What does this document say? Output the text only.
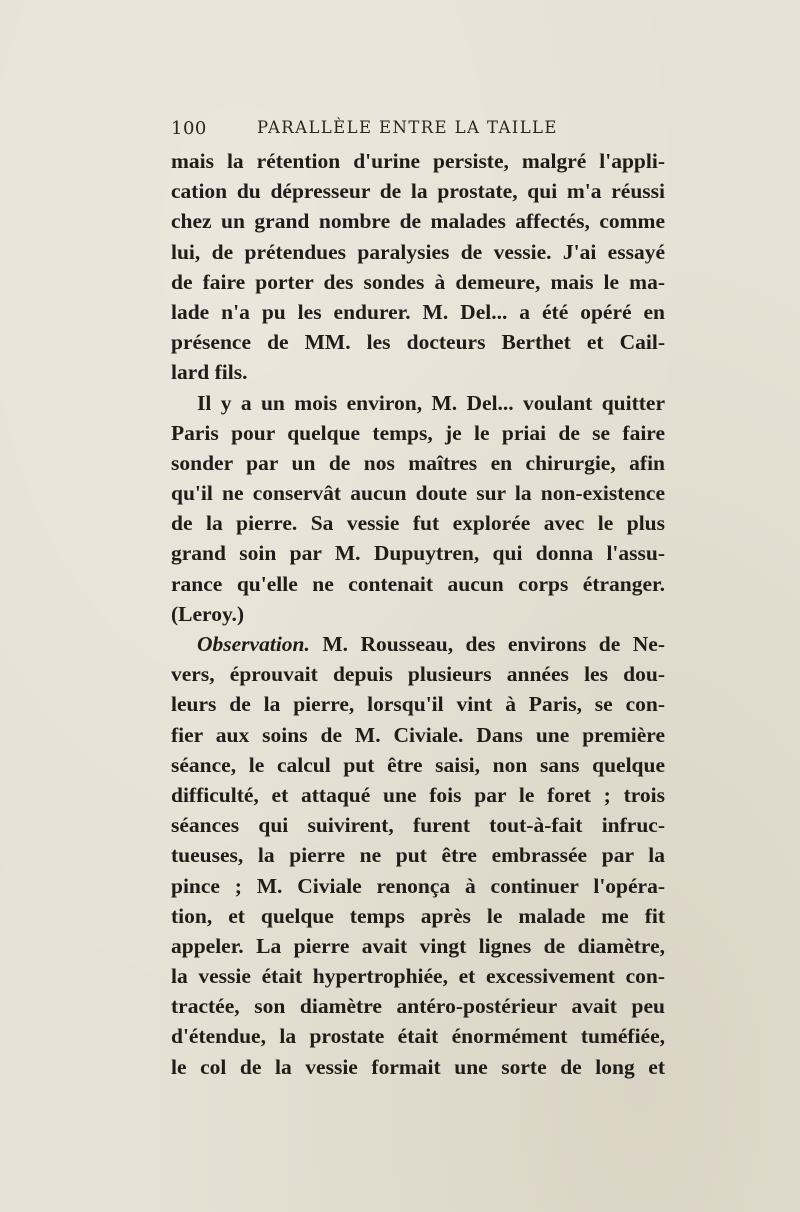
100	PARALLÈLE ENTRE LA TAILLE
mais la rétention d'urine persiste, malgré l'appli-
cation du dépresseur de la prostate, qui m'a réussi
chez un grand nombre de malades affectés, comme
lui, de prétendues paralysies de vessie. J'ai essayé
de faire porter des sondes à demeure, mais le ma-
lade n'a pu les endurer. M. Del... a été opéré en
présence de MM. les docteurs Berthet et Cail-
lard fils.
Il y a un mois environ, M. Del... voulant quitter
Paris pour quelque temps, je le priai de se faire
sonder par un de nos maîtres en chirurgie, afin
qu'il ne conservât aucun doute sur la non-existence
de la pierre. Sa vessie fut explorée avec le plus
grand soin par M. Dupuytren, qui donna l'assu-
rance qu'elle ne contenait aucun corps étranger.
(Leroy.)
Observation. M. Rousseau, des environs de Ne-
vers, éprouvait depuis plusieurs années les dou-
leurs de la pierre, lorsqu'il vint à Paris, se con-
fier aux soins de M. Civiale. Dans une première
séance, le calcul put être saisi, non sans quelque
difficulté, et attaqué une fois par le foret ; trois
séances qui suivirent, furent tout-à-fait infruc-
tueuses, la pierre ne put être embrassée par la
pince ; M. Civiale renonça à continuer l'opéra-
tion, et quelque temps après le malade me fit
appeler. La pierre avait vingt lignes de diamètre,
la vessie était hypertrophiée, et excessivement con-
tractée, son diamètre antéro-postérieur avait peu
d'étendue, la prostate était énormément tuméfiée,
le col de la vessie formait une sorte de long et
